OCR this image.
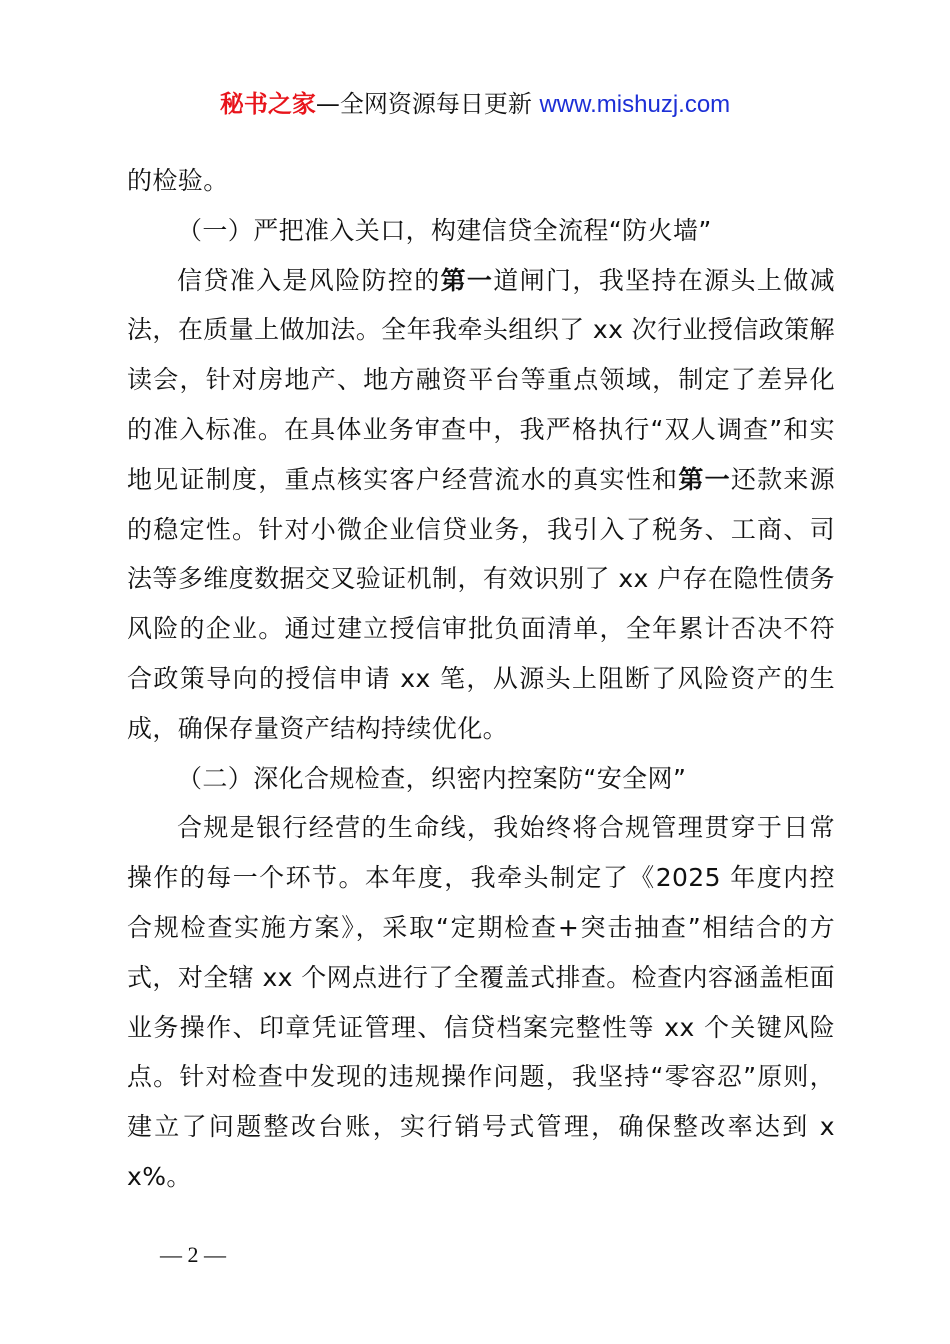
秘书之家—全网资源每日更新 www.mishuzj.com

的检验。

（一）严把准入关口，构建信贷全流程“防火墙”

信贷准入是风险防控的第一道闸门，我坚持在源头上做减法，在质量上做加法。全年我牵头组织了 xx 次行业授信政策解读会，针对房地产、地方融资平台等重点领域，制定了差异化的准入标准。在具体业务审查中，我严格执行“双人调查”和实地见证制度，重点核实客户经营流水的真实性和第一还款来源的稳定性。针对小微企业信贷业务，我引入了税务、工商、司法等多维度数据交叉验证机制，有效识别了 xx 户存在隐性债务风险的企业。通过建立授信审批负面清单，全年累计否决不符合政策导向的授信申请 xx 笔，从源头上阻断了风险资产的生成，确保存量资产结构持续优化。

（二）深化合规检查，织密内控案防“安全网”

合规是银行经营的生命线，我始终将合规管理贯穿于日常操作的每一个环节。本年度，我牵头制定了《2025 年度内控合规检查实施方案》，采取“定期检查+突击抽查”相结合的方式，对全辖 xx 个网点进行了全覆盖式排查。检查内容涵盖柜面业务操作、印章凭证管理、信贷档案完整性等 xx 个关键风险点。针对检查中发现的违规操作问题，我坚持“零容忍”原则，建立了问题整改台账，实行销号式管理，确保整改率达到 xx%。

— 2 —
